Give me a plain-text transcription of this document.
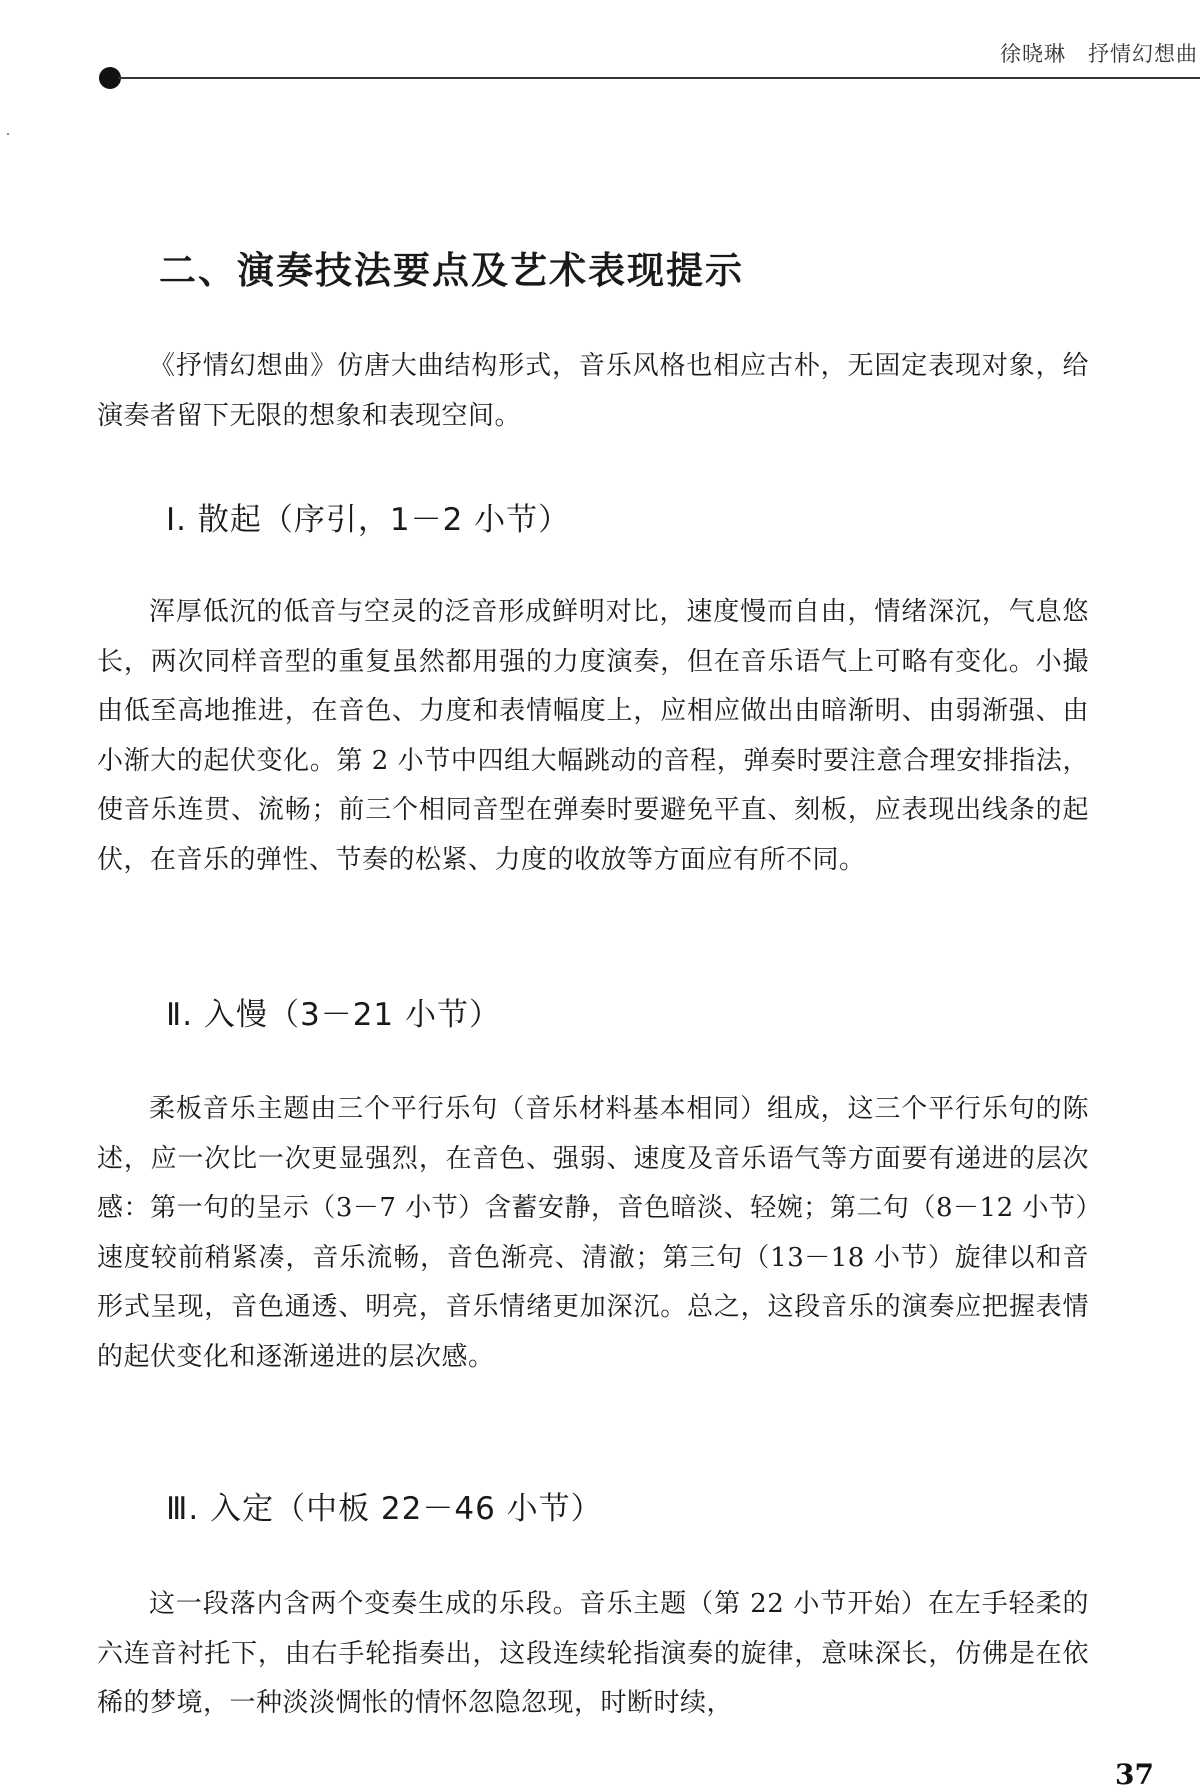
徐晓琳 抒情幻想曲
二、演奏技法要点及艺术表现提示

《抒情幻想曲》仿唐大曲结构形式，音乐风格也相应古朴，无固定表现对象，给演奏者留下无限的想象和表现空间。

Ⅰ. 散起（序引，1－2 小节）

浑厚低沉的低音与空灵的泛音形成鲜明对比，速度慢而自由，情绪深沉，气息悠长，两次同样音型的重复虽然都用强的力度演奏，但在音乐语气上可略有变化。小撮由低至高地推进，在音色、力度和表情幅度上，应相应做出由暗渐明、由弱渐强、由小渐大的起伏变化。第 2 小节中四组大幅跳动的音程，弹奏时要注意合理安排指法，使音乐连贯、流畅；前三个相同音型在弹奏时要避免平直、刻板，应表现出线条的起伏，在音乐的弹性、节奏的松紧、力度的收放等方面应有所不同。

Ⅱ. 入慢（3－21 小节）

柔板音乐主题由三个平行乐句（音乐材料基本相同）组成，这三个平行乐句的陈述，应一次比一次更显强烈，在音色、强弱、速度及音乐语气等方面要有递进的层次感：第一句的呈示（3－7 小节）含蓄安静，音色暗淡、轻婉；第二句（8－12 小节）速度较前稍紧凑，音乐流畅，音色渐亮、清澈；第三句（13－18 小节）旋律以和音形式呈现，音色通透、明亮，音乐情绪更加深沉。总之，这段音乐的演奏应把握表情的起伏变化和逐渐递进的层次感。

Ⅲ. 入定（中板 22－46 小节）

这一段落内含两个变奏生成的乐段。音乐主题（第 22 小节开始）在左手轻柔的六连音衬托下，由右手轮指奏出，这段连续轮指演奏的旋律，意味深长，仿佛是在依稀的梦境，一种淡淡惆怅的情怀忽隐忽现，时断时续，

37
